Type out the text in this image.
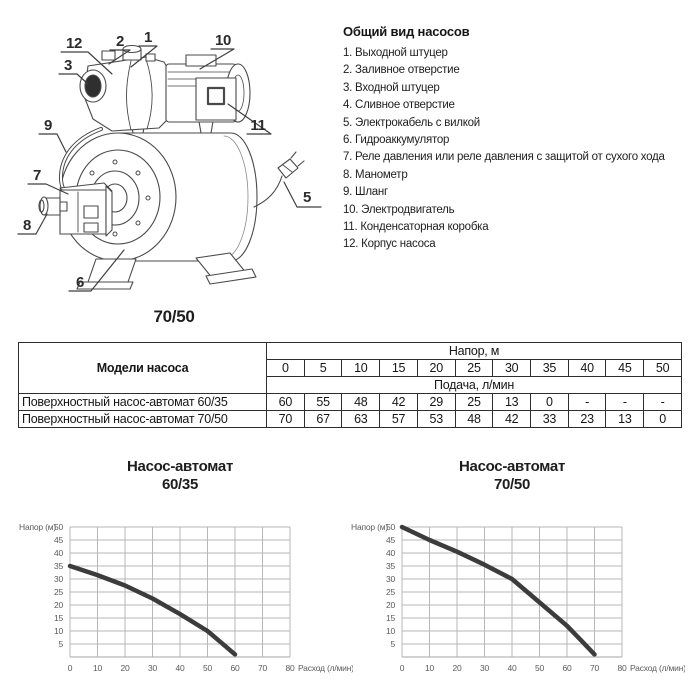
12 2 1	10
3
11
9
7
5
8
6
70/50
Общий вид насосов
1. Выходной штуцер
2. Заливное отверстие
3. Входной штуцер
4. Сливное отверстие
5. Электрокабель с вилкой
6. Гидроаккумулятор
7. Реле давления или реле давления с защитой от сухого хода
8. Манометр
9. Шланг
10. Электродвигатель
11. Конденсаторная коробка
12. Корпус насоса
Модели насоса	Напор, м										
	0	5	10	15	20	25	30	35	40	45	50
	Подача, л/мин										
Поверхностный насос-автомат 60/35	60	55	48	42	29	25	13	0	-	-	-
Поверхностный насос-автомат 70/50	70	67	63	57	53	48	42	33	23	13	0
Насос-автомат
60/35
5
10
15
20
25
30
35
40
45
50
0 10 20 30 40 50 60 70 80
Напор (м)
Расход (л/мин)
Насос-автомат
70/50
5
10
15
20
25
30
35
40
45
50
0 10 20 30 40 50 60 70 80
Напор (м)
Расход (л/мин)
